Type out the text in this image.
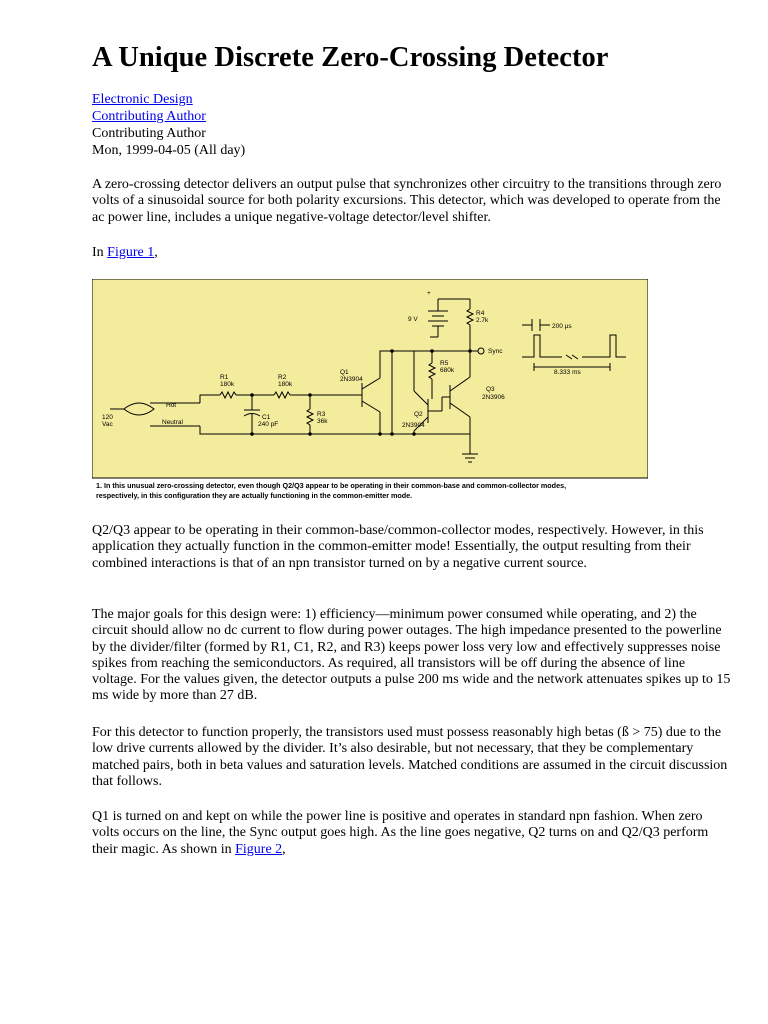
A Unique Discrete Zero-Crossing Detector
Electronic Design
Contributing Author
Contributing Author
Mon, 1999-04-05 (All day)

A zero-crossing detector delivers an output pulse that synchronizes other circuitry to the transitions through zero volts of a sinusoidal source for both polarity excursions. This detector, which was developed to operate from the ac power line, includes a unique negative-voltage detector/level shifter.

In Figure 1,

Q2/Q3 appear to be operating in their common-base/common-collector modes, respectively. However, in this application they actually function in the common-emitter mode! Essentially, the output resulting from their combined interactions is that of an npn transistor turned on by a negative current source.

The major goals for this design were: 1) efficiency—minimum power consumed while operating, and 2) the circuit should allow no dc current to flow during power outages. The high impedance presented to the powerline by the divider/filter (formed by R1, C1, R2, and R3) keeps power loss very low and effectively suppresses noise spikes from reaching the semiconductors. As required, all transistors will be off during the absence of line voltage. For the values given, the detector outputs a pulse 200 ms wide and the network attenuates spikes up to 15 ms wide by more than 27 dB.

For this detector to function properly, the transistors used must possess reasonably high betas (ß > 75) due to the low drive currents allowed by the divider. It’s also desirable, but not necessary, that they be complementary matched pairs, both in beta values and saturation levels. Matched conditions are assumed in the circuit discussion that follows.

Q1 is turned on and kept on while the power line is positive and operates in standard npn fashion. When zero volts occurs on the line, the Sync output goes high. As the line goes negative, Q2 turns on and Q2/Q3 perform their magic. As shown in Figure 2,

+
9 V
R4
2.7k
Sync
R5
680k
Q1
2N3904
Q2
2N3904
Q3
2N3906
R1
180k
R2
180k
R3
36k
C1
240 pF
120
Vac
Hot
Neutral
200 µs
8.333 ms
1. In this unusual zero-crossing detector, even though Q2/Q3 appear to be operating in their common-base and common-collector modes,
respectively, in this configuration they are actually functioning in the common-emitter mode.
